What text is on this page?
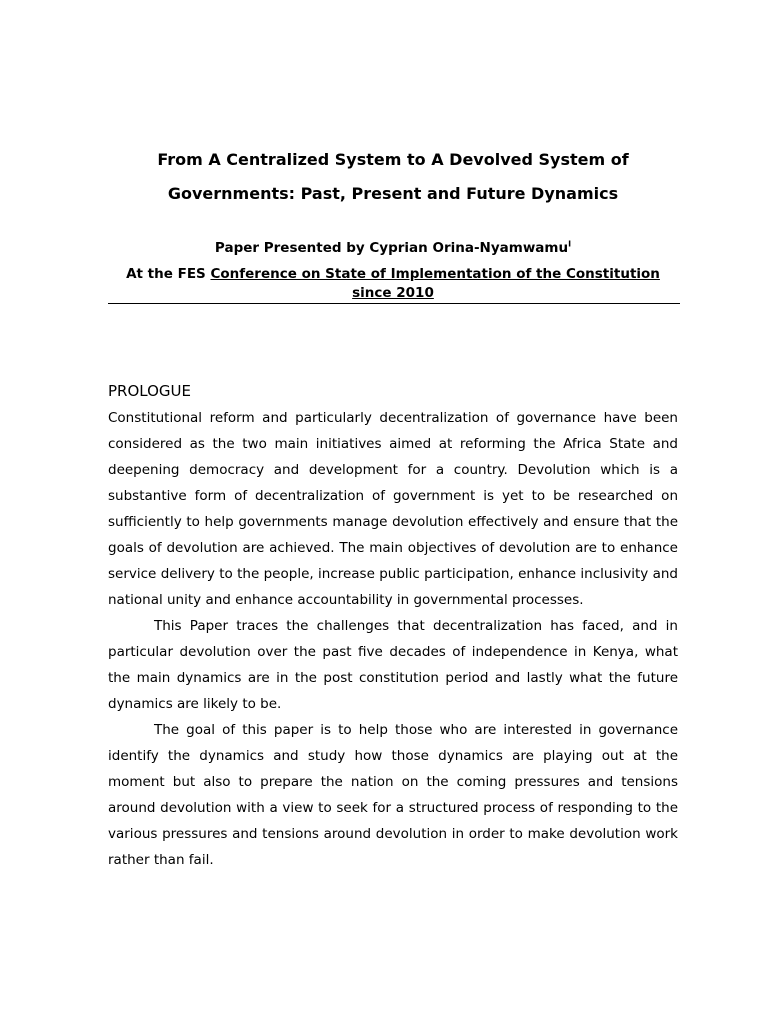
From A Centralized System to A Devolved System of
Governments: Past, Present and Future Dynamics
Paper Presented by Cyprian Orina-Nyamwamu$^I$
At the FES Conference on State of Implementation of the Constitution since 2010
PROLOGUE

Constitutional reform and particularly decentralization of governance have been considered as the two main initiatives aimed at reforming the Africa State and deepening democracy and development for a country. Devolution which is a substantive form of decentralization of government is yet to be researched on sufficiently to help governments manage devolution effectively and ensure that the goals of devolution are achieved. The main objectives of devolution are to enhance service delivery to the people, increase public participation, enhance inclusivity and national unity and enhance accountability in governmental processes.

This Paper traces the challenges that decentralization has faced, and in particular devolution over the past five decades of independence in Kenya, what the main dynamics are in the post constitution period and lastly what the future dynamics are likely to be.

The goal of this paper is to help those who are interested in governance identify the dynamics and study how those dynamics are playing out at the moment but also to prepare the nation on the coming pressures and tensions around devolution with a view to seek for a structured process of responding to the various pressures and tensions around devolution in order to make devolution work rather than fail.
